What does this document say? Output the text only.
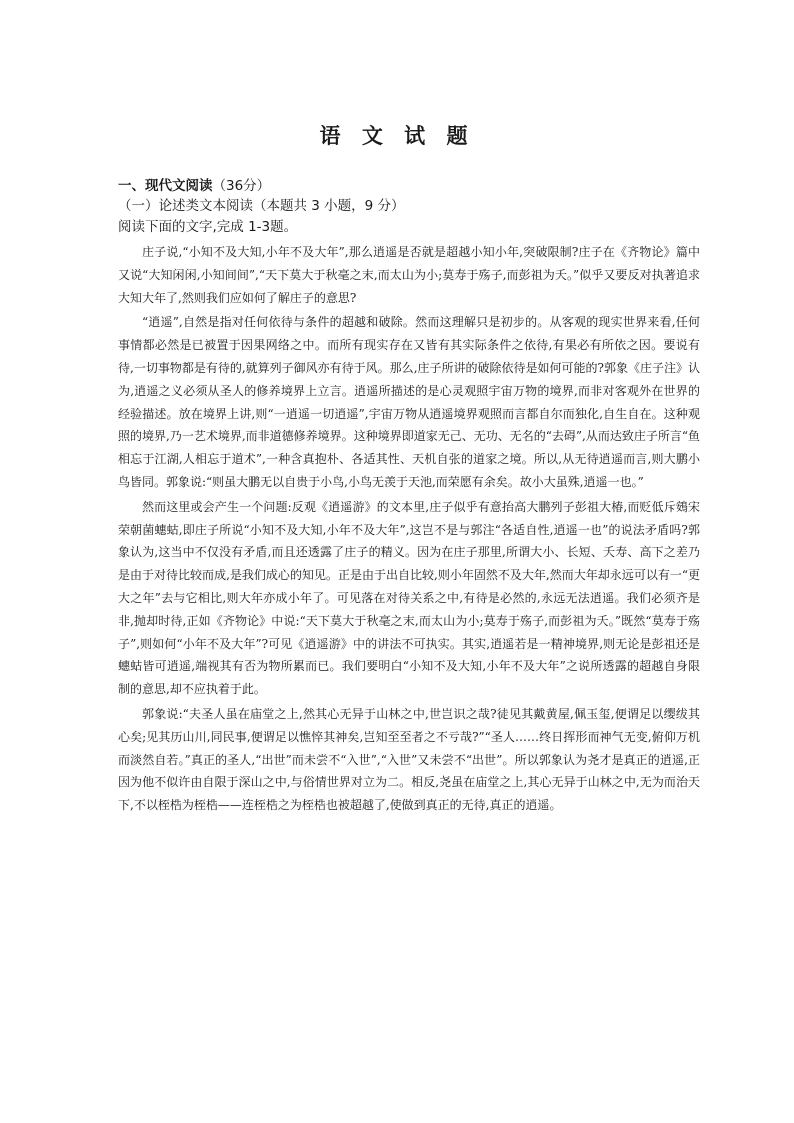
语 文 试 题

一、现代文阅读（36分）

（一）论述类文本阅读（本题共 3 小题，9 分）

阅读下面的文字,完成 1-3题。

庄子说,“小知不及大知,小年不及大年”,那么逍遥是否就是超越小知小年,突破限制?庄子在《齐物论》篇中又说“大知闲闲,小知间间”,“天下莫大于秋毫之末,而太山为小;莫寿于殇子,而彭祖为夭。”似乎又要反对执著追求大知大年了,然则我们应如何了解庄子的意思?

“逍遥”,自然是指对任何依待与条件的超越和破除。然而这理解只是初步的。从客观的现实世界来看,任何事情都必然是已被置于因果网络之中。而所有现实存在又皆有其实际条件之依待,有果必有所依之因。要说有待,一切事物都是有待的,就算列子御风亦有待于风。那么,庄子所讲的破除依待是如何可能的?郭象《庄子注》认为,逍遥之义必须从圣人的修养境界上立言。逍遥所描述的是心灵观照宇宙万物的境界,而非对客观外在世界的经验描述。放在境界上讲,则“一逍遥一切逍遥”,宇宙万物从逍遥境界观照而言都自尔而独化,自生自在。这种观照的境界,乃一艺术境界,而非道德修养境界。这种境界即道家无己、无功、无名的“去碍”,从而达致庄子所言“鱼相忘于江湖,人相忘于道术”,一种含真抱朴、各适其性、天机自张的道家之境。所以,从无待逍遥而言,则大鹏小鸟皆同。郭象说:“则虽大鹏无以自贵于小鸟,小鸟无羡于天池,而荣愿有余矣。故小大虽殊,逍遥一也。”

然而这里或会产生一个问题:反观《逍遥游》的文本里,庄子似乎有意抬高大鹏列子彭祖大椿,而贬低斥鴳宋荣朝菌蟪蛄,即庄子所说“小知不及大知,小年不及大年”,这岂不是与郭注“各适自性,逍遥一也”的说法矛盾吗?郭象认为,这当中不仅没有矛盾,而且还透露了庄子的精义。因为在庄子那里,所谓大小、长短、夭寿、高下之差乃是由于对待比较而成,是我们成心的知见。正是由于出自比较,则小年固然不及大年,然而大年却永远可以有一“更大之年”去与它相比,则大年亦成小年了。可见落在对待关系之中,有待是必然的,永远无法逍遥。我们必须齐是非,抛却时待,正如《齐物论》中说:“天下莫大于秋毫之末,而太山为小;莫寿于殇子,而彭祖为夭。”既然“莫寿于殇子”,则如何“小年不及大年”?可见《逍遥游》中的讲法不可执实。其实,逍遥若是一精神境界,则无论是彭祖还是蟪蛄皆可逍遥,端视其有否为物所累而已。我们要明白“小知不及大知,小年不及大年”之说所透露的超越自身限制的意思,却不应执着于此。

郭象说:“夫圣人虽在庙堂之上,然其心无异于山林之中,世岂识之哉?徒见其戴黄屋,佩玉玺,便谓足以缨绂其心矣;见其历山川,同民事,便谓足以憔悴其神矣,岂知至至者之不亏哉?”“圣人……终日挥形而神气无变,俯仰万机而淡然自若。”真正的圣人,“出世”而未尝不“入世”,“入世”又未尝不“出世”。所以郭象认为尧才是真正的逍遥,正因为他不似许由自限于深山之中,与俗情世界对立为二。相反,尧虽在庙堂之上,其心无异于山林之中,无为而治天下,不以桎梏为桎梏——连桎梏之为桎梏也被超越了,使做到真正的无待,真正的逍遥。
